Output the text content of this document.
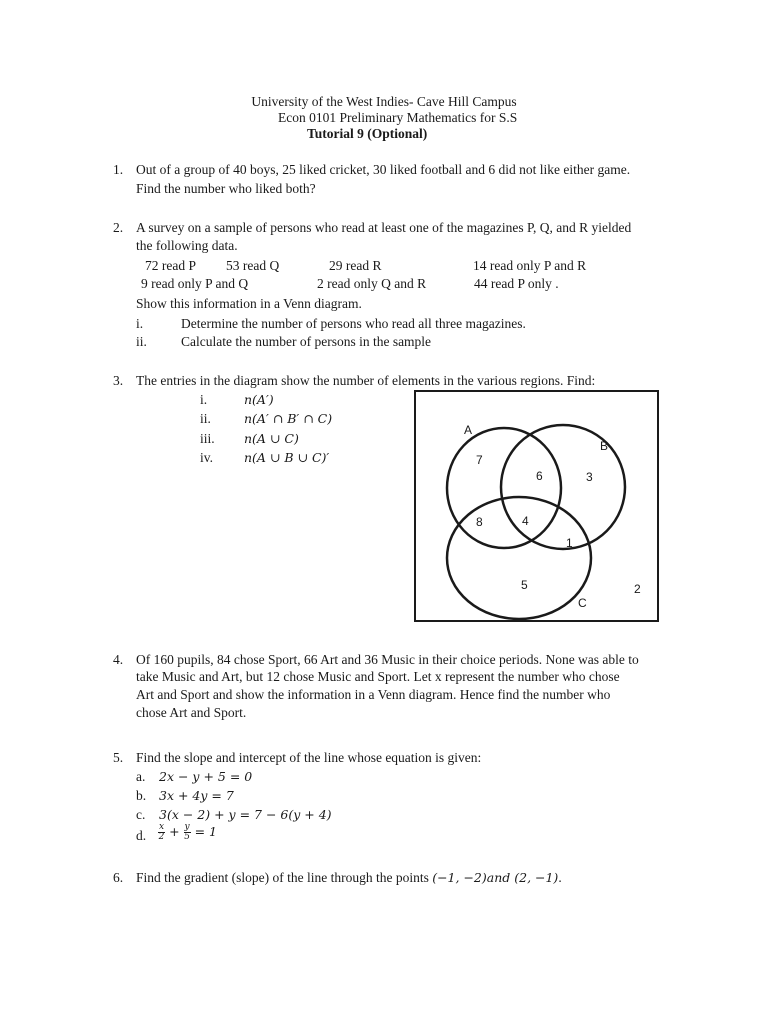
University of the West Indies- Cave Hill Campus
Econ 0101 Preliminary Mathematics for S.S
Tutorial 9 (Optional)
1. Out of a group of 40 boys, 25 liked cricket, 30 liked football and 6 did not like either game.
Find the number who liked both?
2. A survey on a sample of persons who read at least one of the magazines P, Q, and R yielded
the following data.
72 read P 53 read Q	29 read R	14 read only P and R
9 read only P and Q	2 read only Q and R	44 read P only .
Show this information in a Venn diagram.
i.	Determine the number of persons who read all three magazines.
ii.	Calculate the number of persons in the sample
3. The entries in the diagram show the number of elements in the various regions. Find:
i.	n(A′)
ii.	n(A′ ∩ B′ ∩ C)
iii. n(A ∪ C)
iv. n(A ∪ B ∪ C)′
A
B
C
7
6	3
8	4
1
5	2
4. Of 160 pupils, 84 chose Sport, 66 Art and 36 Music in their choice periods. None was able to
take Music and Art, but 12 chose Music and Sport. Let x represent the number who chose
Art and Sport and show the information in a Venn diagram. Hence find the number who
chose Art and Sport.
5. Find the slope and intercept of the line whose equation is given:
a. 2x − y + 5 = 0
b. 3x + 4y = 7
c. 3(x − 2) + y = 7 − 6(y + 4)
d. $\frac{x}{2} + \frac{y}{5} = 1$
6. Find the gradient (slope) of the line through the points (−1, −2)and (2, −1).
